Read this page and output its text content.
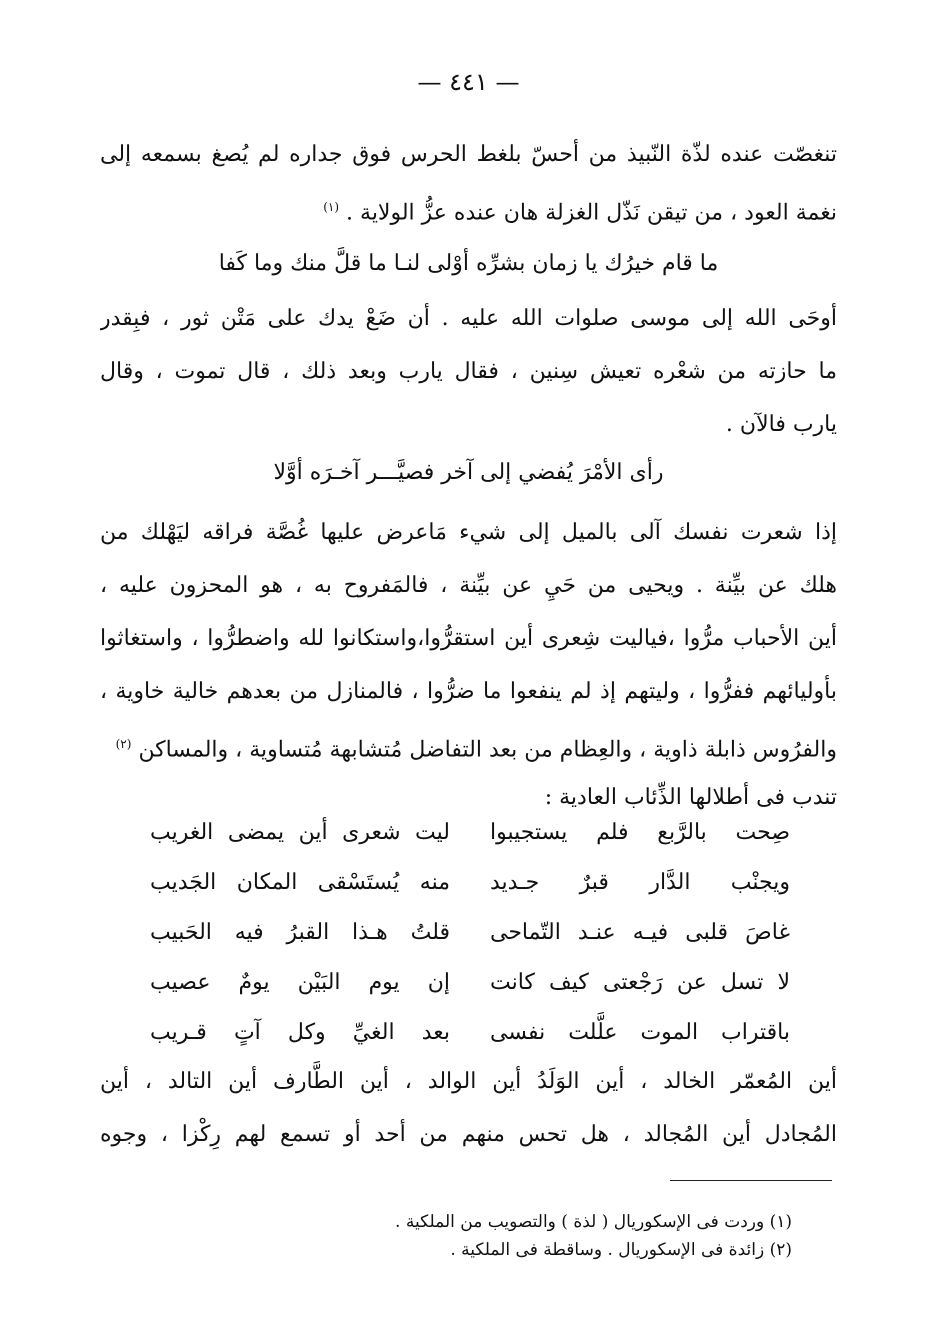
— ٤٤١ —
تنغصّت عنده لذّة النّبيذ من أحسّ بلغط الحرس فوق جداره لم يُصغ بسمعه إلى
نغمة العود ، من تيقن نَذّل الغزلة هان عنده عزُّ الولاية . $^{(١)}$
ما قام خيرُك يا زمان بشرِّه أوْلى لنـا ما قلَّ منك وما كَفا
أوحَى الله إلى موسى صلوات الله عليه . أن ضَعْ يدك على مَتْن ثور ، فبِقدر
ما حازته من شعْره تعيش سِنين ، فقال يارب وبعد ذلك ، قال تموت ، وقال
يارب فالآن .
رأى الأمْرَ يُفضي إلى آخر فصيَّـــر آخـرَه أوَّلا
إذا شعرت نفسك آلى بالميل إلى شيء مَاعرض عليها غُصَّة فراقه ليَهْلك من
هلك عن بيِّنة . ويحيى من حَيِ عن بيِّنة ، فالمَفروح به ، هو المحزون عليه ،
أين الأحباب مرُّوا ،فياليت شِعرى أين استقرُّوا،واستكانوا لله واضطرُّوا ، واستغاثوا
بأوليائهم ففرُّوا ، وليتهم إذ لم ينفعوا ما ضرُّوا ، فالمنازل من بعدهم خالية خاوية ،
والفرُوس ذابلة ذاوية ، والعِظام من بعد التفاضل مُتشابهة مُتساوية ، والمساكن $^{(٢)}$
تندب فى أطلالها الذِّئاب العادية :
صِحت بالرَّبع فلم يستجيبوا
ليت شعرى أين يمضى الغريب
ويجنْب الدَّار قبرٌ جـديد
منه يُستَسْقى المكان الجَديب
غاصَ قلبى فيـه عنـد التّماحى
قلتُ هـذا القبرُ فيه الحَبيب
لا تسل عن رَجْعتى كيف كانت
إن يوم البَيْن يومٌ عصيب
باقتراب الموت علَّلت نفسى
بعد الغيِّ وكل آتٍ قـريب
أين المُعمّر الخالد ، أين الوَلَدُ أين الوالد ، أين الطَّارف أين التالد ، أين
المُجادل أين المُجالد ، هل تحس منهم من أحد أو تسمع لهم رِكْزا ، وجوه
(١) وردت فى الإسكوريال ( لذة ) والتصويب من الملكية .
(٢) زائدة فى الإسكوريال . وساقطة فى الملكية .
